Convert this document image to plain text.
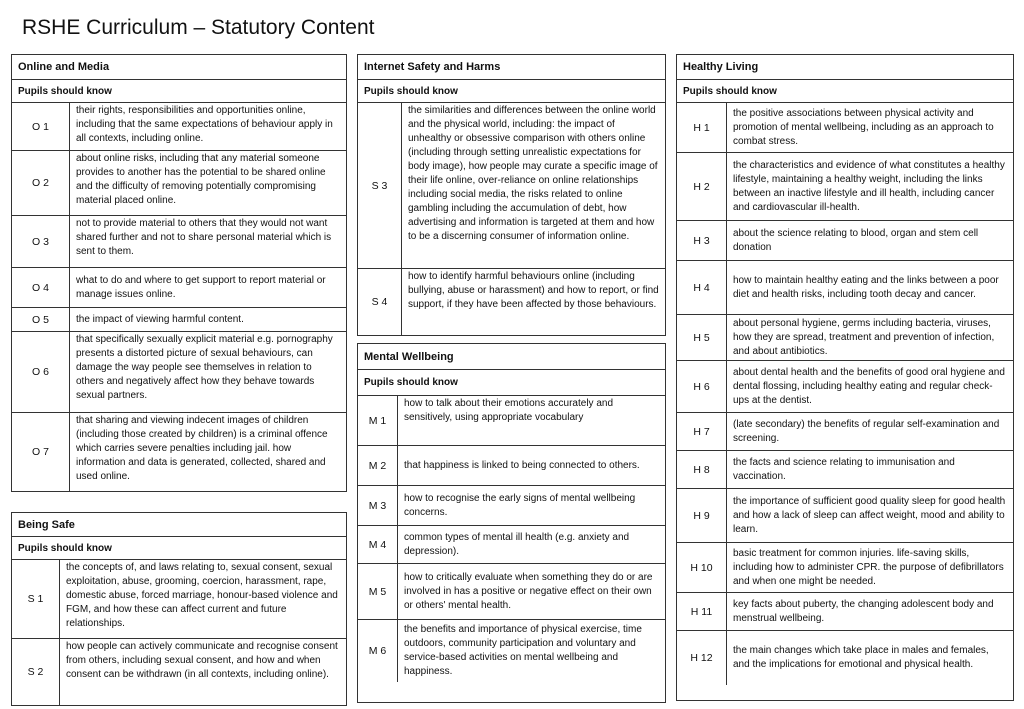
RSHE Curriculum – Statutory Content
Online and Media
Pupils should know
O 1
their rights, responsibilities and opportunities online, including that the same expectations of behaviour apply in all contexts, including online.
O 2
about online risks, including that any material someone provides to another has the potential to be shared online and the difficulty of removing potentially compromising material placed online.
O 3
not to provide material to others that they would not want shared further and not to share personal material which is sent to them.
O 4
what to do and where to get support to report material or manage issues online.
O 5	the impact of viewing harmful content.
O 6
that specifically sexually explicit material e.g. pornography presents a distorted picture of sexual behaviours, can damage the way people see themselves in relation to others and negatively affect how they behave towards sexual partners.
O 7
that sharing and viewing indecent images of children (including those created by children) is a criminal offence which carries severe penalties including jail. how information and data is generated, collected, shared and used online.
Being Safe
Pupils should know
S 1
the concepts of, and laws relating to, sexual consent, sexual exploitation, abuse, grooming, coercion, harassment, rape, domestic abuse, forced marriage, honour-based violence and FGM, and how these can affect current and future relationships.
S 2
how people can actively communicate and recognise consent from others, including sexual consent, and how and when consent can be withdrawn (in all contexts, including online).
Internet Safety and Harms
Pupils should know
S 3
the similarities and differences between the online world and the physical world, including: the impact of unhealthy or obsessive comparison with others online (including through setting unrealistic expectations for body image), how people may curate a specific image of their life online, over-reliance on online relationships including social media, the risks related to online gambling including the accumulation of debt, how advertising and information is targeted at them and how to be a discerning consumer of information online.
S 4
how to identify harmful behaviours online (including bullying, abuse or harassment) and how to report, or find support, if they have been affected by those behaviours.
Mental Wellbeing
Pupils should know
M 1
how to talk about their emotions accurately and sensitively, using appropriate vocabulary
M 2	that happiness is linked to being connected to others.
M 3
how to recognise the early signs of mental wellbeing concerns.
M 4
common types of mental ill health (e.g. anxiety and depression).
M 5
how to critically evaluate when something they do or are involved in has a positive or negative effect on their own or others' mental health.
M 6
the benefits and importance of physical exercise, time outdoors, community participation and voluntary and service-based activities on mental wellbeing and happiness.
Healthy Living
Pupils should know
H 1
the positive associations between physical activity and promotion of mental wellbeing, including as an approach to combat stress.
H 2
the characteristics and evidence of what constitutes a healthy lifestyle, maintaining a healthy weight, including the links between an inactive lifestyle and ill health, including cancer and cardiovascular ill-health.
H 3
about the science relating to blood, organ and stem cell donation
H 4
how to maintain healthy eating and the links between a poor diet and health risks, including tooth decay and cancer.
H 5
about personal hygiene, germs including bacteria, viruses, how they are spread, treatment and prevention of infection, and about antibiotics.
H 6
about dental health and the benefits of good oral hygiene and dental flossing, including healthy eating and regular check-ups at the dentist.
H 7
(late secondary) the benefits of regular self-examination and screening.
H 8
the facts and science relating to immunisation and vaccination.
H 9
the importance of sufficient good quality sleep for good health and how a lack of sleep can affect weight, mood and ability to learn.
H 10
basic treatment for common injuries. life-saving skills, including how to administer CPR. the purpose of defibrillators and when one might be needed.
H 11
key facts about puberty, the changing adolescent body and menstrual wellbeing.
H 12
the main changes which take place in males and females, and the implications for emotional and physical health.
